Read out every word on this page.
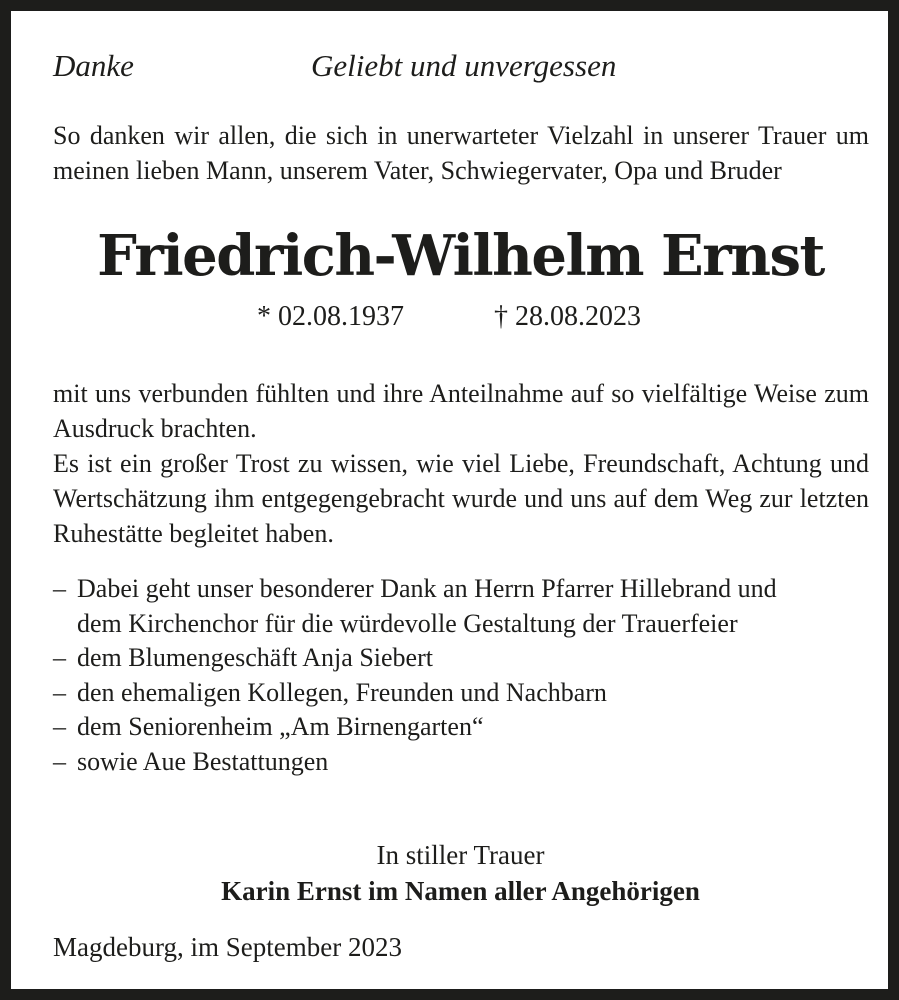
Danke	Geliebt und unvergessen
So danken wir allen, die sich in unerwarteter Vielzahl in unserer Trauer um meinen lieben Mann, unserem Vater, Schwiegervater, Opa und Bruder
Friedrich-Wilhelm Ernst
* 02.08.1937	† 28.08.2023
mit uns verbunden fühlten und ihre Anteilnahme auf so vielfältige Weise zum Ausdruck brachten.
Es ist ein großer Trost zu wissen, wie viel Liebe, Freundschaft, Achtung und Wertschätzung ihm entgegengebracht wurde und uns auf dem Weg zur letzten Ruhestätte begleitet haben.
– Dabei geht unser besonderer Dank an Herrn Pfarrer Hillebrand und dem Kirchenchor für die würdevolle Gestaltung der Trauerfeier
– dem Blumengeschäft Anja Siebert
– den ehemaligen Kollegen, Freunden und Nachbarn
– dem Seniorenheim „Am Birnengarten“
– sowie Aue Bestattungen
In stiller Trauer
Karin Ernst im Namen aller Angehörigen
Magdeburg, im September 2023
